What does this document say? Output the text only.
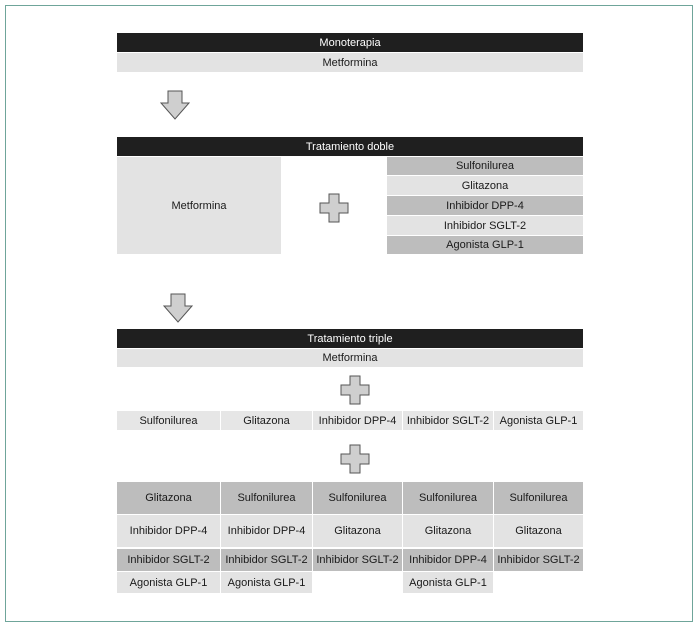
Monoterapia
Metformina
Tratamiento doble
Metformina
Sulfonilurea
Glitazona
Inhibidor DPP-4
Inhibidor SGLT-2
Agonista GLP-1
Tratamiento triple
Metformina
Sulfonilurea	Glitazona	Inhibidor DPP-4 Inhibidor SGLT-2 Agonista GLP-1
Glitazona
Inhibidor DPP-4
Inhibidor SGLT-2
Agonista GLP-1
Sulfonilurea
Inhibidor DPP-4
Inhibidor SGLT-2
Agonista GLP-1
Sulfonilurea
Glitazona
Inhibidor SGLT-2
Sulfonilurea
Glitazona
Inhibidor DPP-4
Agonista GLP-1
Sulfonilurea
Glitazona
Inhibidor SGLT-2
